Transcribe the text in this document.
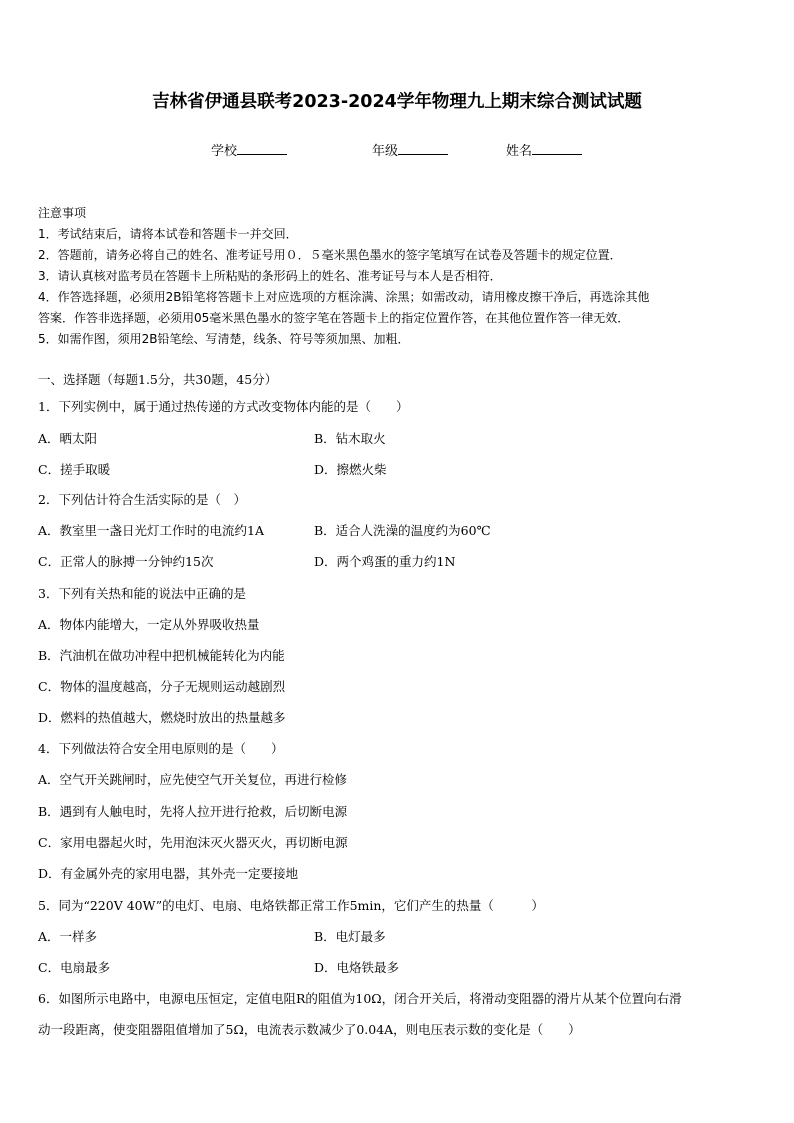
吉林省伊通县联考2023-2024学年物理九上期末综合测试试题
学校	年级	姓名
注意事项
1．考试结束后，请将本试卷和答题卡一并交回．
2．答题前，请务必将自己的姓名、准考证号用０．５毫米黑色墨水的签字笔填写在试卷及答题卡的规定位置．
3．请认真核对监考员在答题卡上所粘贴的条形码上的姓名、准考证号与本人是否相符．
4．作答选择题，必须用2B铅笔将答题卡上对应选项的方框涂满、涂黑；如需改动，请用橡皮擦干净后，再选涂其他
答案．作答非选择题，必须用05毫米黑色墨水的签字笔在答题卡上的指定位置作答，在其他位置作答一律无效．
5．如需作图，须用2B铅笔绘、写清楚，线条、符号等须加黑、加粗．
一、选择题（每题1.5分，共30题，45分）
1．下列实例中，属于通过热传递的方式改变物体内能的是（　　）
A．晒太阳	B．钻木取火
C．搓手取暖	D．擦燃火柴
2．下列估计符合生活实际的是（　）
A．教室里一盏日光灯工作时的电流约1A	B．适合人洗澡的温度约为60℃
C．正常人的脉搏一分钟约15次	D．两个鸡蛋的重力约1N
3．下列有关热和能的说法中正确的是
A．物体内能增大，一定从外界吸收热量
B．汽油机在做功冲程中把机械能转化为内能
C．物体的温度越高，分子无规则运动越剧烈
D．燃料的热值越大，燃烧时放出的热量越多
4．下列做法符合安全用电原则的是（　　）
A．空气开关跳闸时，应先使空气开关复位，再进行检修
B．遇到有人触电时，先将人拉开进行抢救，后切断电源
C．家用电器起火时，先用泡沫灭火器灭火，再切断电源
D．有金属外壳的家用电器，其外壳一定要接地
5．同为“220V 40W”的电灯、电扇、电烙铁都正常工作5min，它们产生的热量（　　　）
A．一样多	B．电灯最多
C．电扇最多	D．电烙铁最多
6．如图所示电路中，电源电压恒定，定值电阻R的阻值为10Ω，闭合开关后，将滑动变阻器的滑片从某个位置向右滑
动一段距离，使变阻器阻值增加了5Ω，电流表示数减少了0.04A，则电压表示数的变化是（　　）
